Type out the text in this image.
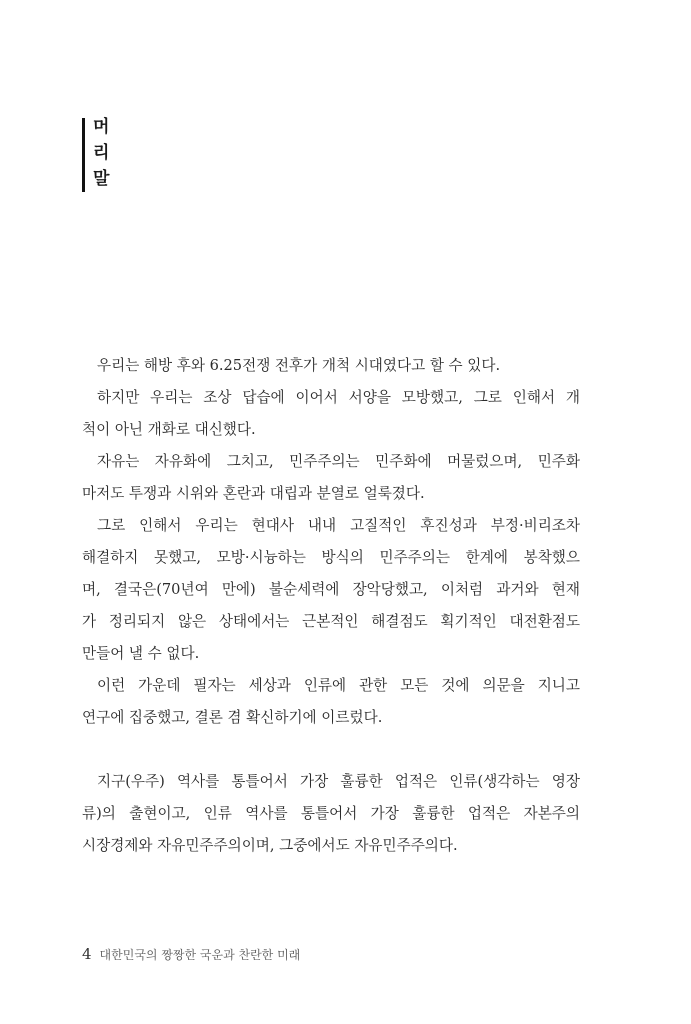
머
리
말
우리는 해방 후와 6.25전쟁 전후가 개척 시대였다고 할 수 있다.
하지만 우리는 조상 답습에 이어서 서양을 모방했고, 그로 인해서 개
척이 아닌 개화로 대신했다.
자유는 자유화에 그치고, 민주주의는 민주화에 머물렀으며, 민주화
마저도 투쟁과 시위와 혼란과 대립과 분열로 얼룩졌다.
그로 인해서 우리는 현대사 내내 고질적인 후진성과 부정·비리조차
해결하지 못했고, 모방·시늉하는 방식의 민주주의는 한계에 봉착했으
며, 결국은(70년여 만에) 불순세력에 장악당했고, 이처럼 과거와 현재
가 정리되지 않은 상태에서는 근본적인 해결점도 획기적인 대전환점도
만들어 낼 수 없다.
이런 가운데 필자는 세상과 인류에 관한 모든 것에 의문을 지니고
연구에 집중했고, 결론 겸 확신하기에 이르렀다.
지구(우주) 역사를 통틀어서 가장 훌륭한 업적은 인류(생각하는 영장
류)의 출현이고, 인류 역사를 통틀어서 가장 훌륭한 업적은 자본주의
시장경제와 자유민주주의이며, 그중에서도 자유민주주의다.
4 대한민국의 짱짱한 국운과 찬란한 미래
